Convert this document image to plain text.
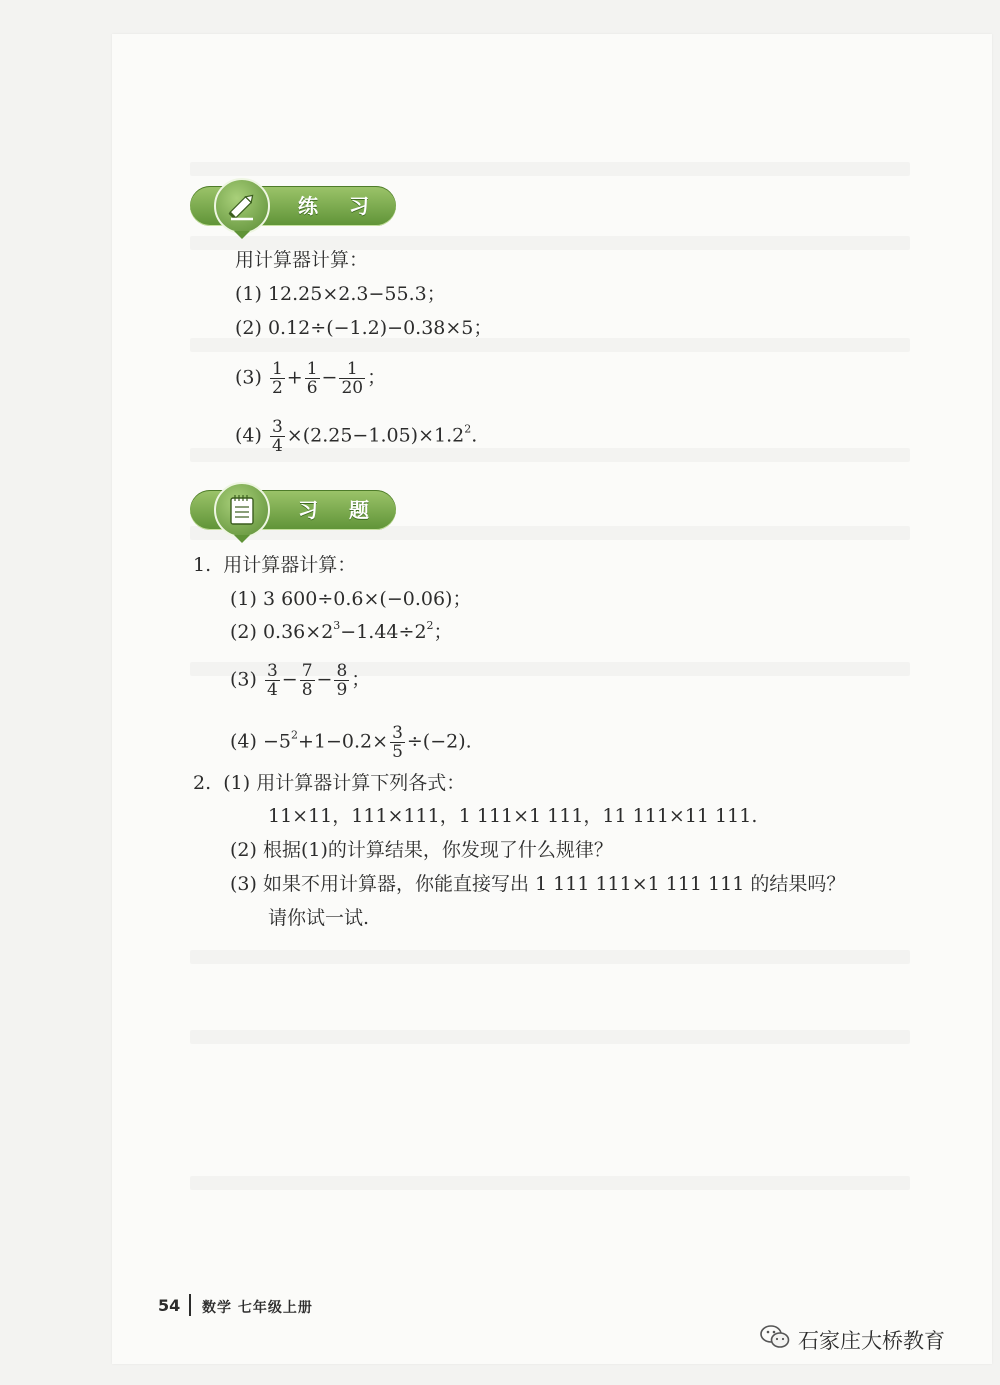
练 习
用计算器计算：
(1) 12.25×2.3−55.3；
(2) 0.12÷(−1.2)−0.38×5；
$(3) \frac{1}{2} + \frac{1}{6} - \frac{1}{20}$ ；
$(4) \frac{3}{4} \times(2.25-1.05)\times 1.2^2$.
习 题
1. 用计算器计算：
(1) 3 600÷0.6×(−0.06)；
(2) $0.36\times 2^3-1.44\div 2^2$；
$(3) \frac{3}{4} - \frac{7}{8} - \frac{8}{9}$ ；
$(4) -5^2+1-0.2\times \frac{3}{5} \div(-2)$.
2. (1) 用计算器计算下列各式：
11×11，111×111，1 111×1 111，11 111×11 111.
(2) 根据(1)的计算结果，你发现了什么规律？
(3) 如果不用计算器，你能直接写出 1 111 111×1 111 111 的结果吗？
请你试一试.
54 数学 七年级上册
石家庄大桥教育
